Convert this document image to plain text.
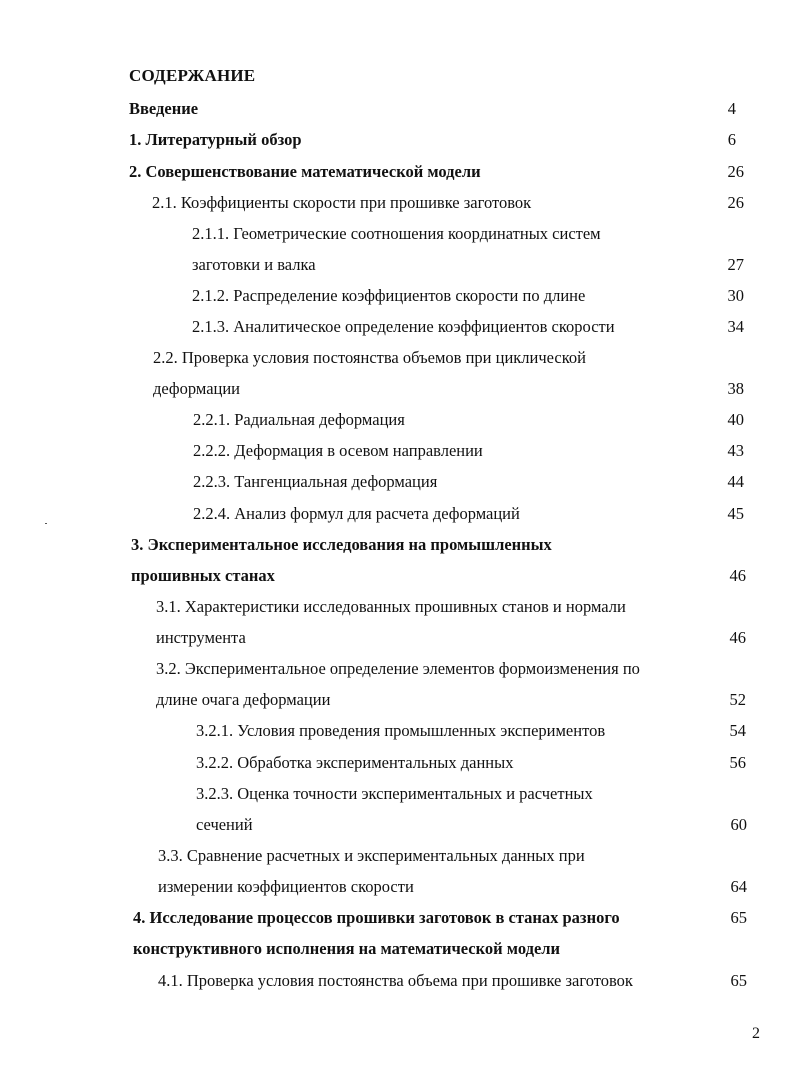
СОДЕРЖАНИЕ
Введение	4
1. Литературный обзор	6
2. Совершенствование математической модели	26
2.1. Коэффициенты скорости при прошивке заготовок	26
2.1.1. Геометрические соотношения координатных систем
заготовки и валка	27
2.1.2. Распределение коэффициентов скорости по длине	30
2.1.3. Аналитическое определение коэффициентов скорости	34
2.2. Проверка условия постоянства объемов при циклической
деформации	38
2.2.1. Радиальная деформация	40
2.2.2. Деформация в осевом направлении	43
2.2.3. Тангенциальная деформация	44
2.2.4. Анализ формул для расчета деформаций	45
3. Экспериментальное исследования на промышленных
прошивных станах	46
3.1. Характеристики исследованных прошивных станов и нормали
инструмента	46
3.2. Экспериментальное определение элементов формоизменения по
длине очага деформации	52
3.2.1. Условия проведения промышленных экспериментов	54
3.2.2. Обработка экспериментальных данных	56
3.2.3. Оценка точности экспериментальных и расчетных
сечений	60
3.3. Сравнение расчетных и экспериментальных данных при
измерении коэффициентов скорости	64
4. Исследование процессов прошивки заготовок в станах разного	65
конструктивного исполнения на математической модели
4.1. Проверка условия постоянства объема при прошивке заготовок	65
2
